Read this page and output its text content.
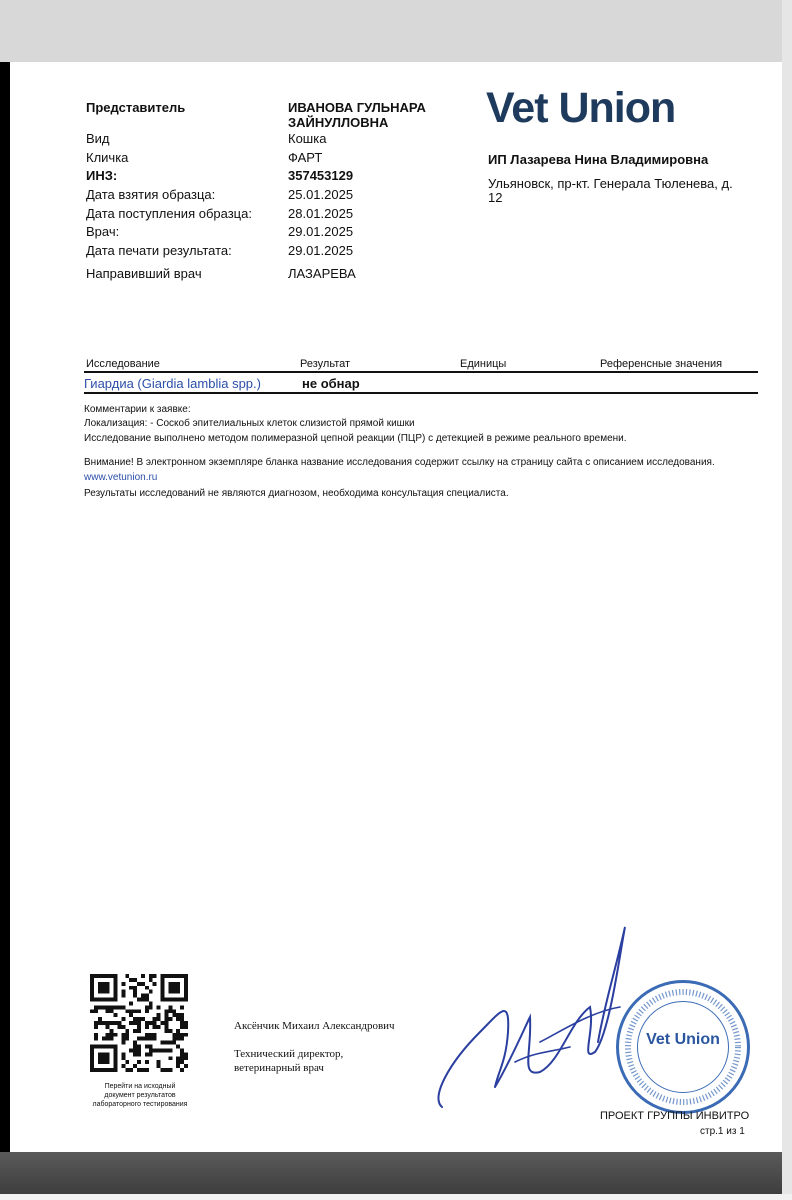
Представитель	ИВАНОВА ГУЛЬНАРА
ЗАЙНУЛЛОВНА
Вид	Кошка
Кличка	ФАРТ
ИНЗ:	357453129
Дата взятия образца:	25.01.2025
Дата поступления образца:	28.01.2025
Врач:	29.01.2025
Дата печати результата:	29.01.2025
Направивший врач	ЛАЗАРЕВА
Vet Union
ИП Лазарева Нина Владимировна
Ульяновск, пр-кт. Генерала Тюленева, д.
12
Исследование	Результат	Единицы	Референсные значения
Гиардиа (Giardia lamblia spp.)	не обнар
Комментарии к заявке:
Локализация: - Соскоб эпителиальных клеток слизистой прямой кишки
Исследование выполнено методом полимеразной цепной реакции (ПЦР) с детекцией в режиме реального времени.
Внимание! В электронном экземпляре бланка название исследования содержит ссылку на страницу сайта с описанием исследования.
www.vetunion.ru
Результаты исследований не являются диагнозом, необходима консультация специалиста.
Перейти на исходный
документ результатов
лабораторного тестирования
Аксёнчик Михаил Александрович
Технический директор,
ветеринарный врач
Vet Union
ПРОЕКТ ГРУППЫ ИНВИТРО
стр.1 из 1
